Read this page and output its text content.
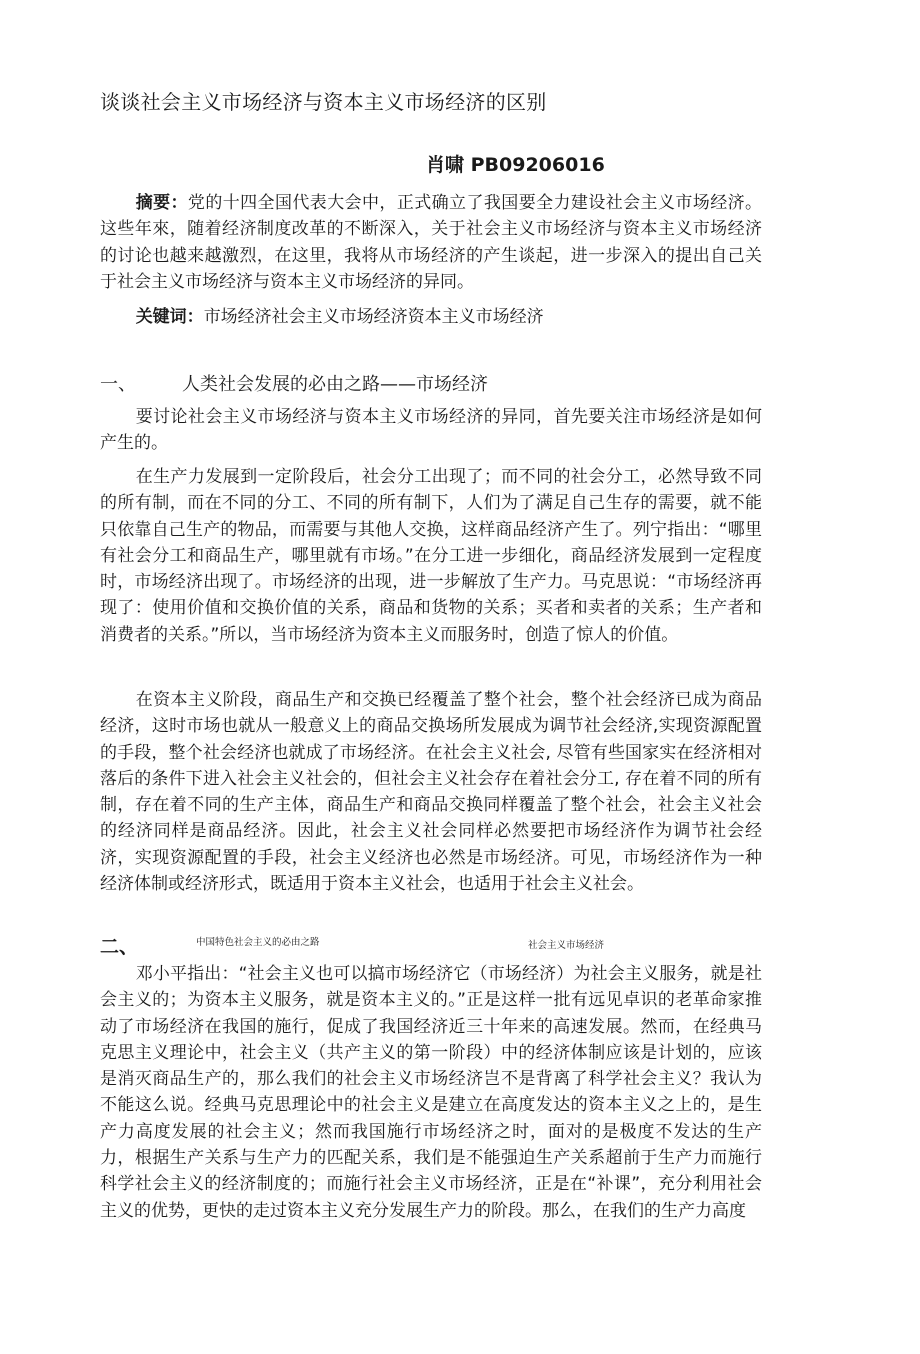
谈谈社会主义市场经济与资本主义市场经济的区别
肖啸 PB09206016

摘要：党的十四全国代表大会中，正式确立了我国要全力建设社会主义市场经济。这些年來，随着经济制度改革的不断深入，关于社会主义市场经济与资本主义市场经济的讨论也越来越激烈，在这里，我将从市场经济的产生谈起，进一步深入的提出自己关于社会主义市场经济与资本主义市场经济的异同。

关键词：市场经济社会主义市场经济资本主义市场经济

一、	人类社会发展的必由之路——市场经济

要讨论社会主义市场经济与资本主义市场经济的异同，首先要关注市场经济是如何产生的。

在生产力发展到一定阶段后，社会分工出现了；而不同的社会分工，必然导致不同的所有制，而在不同的分工、不同的所有制下，人们为了满足自己生存的需要，就不能只依靠自己生产的物品，而需要与其他人交换，这样商品经济产生了。列宁指出：“哪里有社会分工和商品生产，哪里就有市场。”在分工进一步细化，商品经济发展到一定程度时，市场经济出现了。市场经济的出现，进一步解放了生产力。马克思说：“市场经济再现了：使用价值和交换价值的关系，商品和货物的关系；买者和卖者的关系；生产者和消费者的关系。”所以，当市场经济为资本主义而服务时，创造了惊人的价值。

在资本主义阶段，商品生产和交换已经覆盖了整个社会，整个社会经济已成为商品经济，这时市场也就从一般意义上的商品交换场所发展成为调节社会经济,实现资源配置的手段，整个社会经济也就成了市场经济。在社会主义社会, 尽管有些国家实在经济相对落后的条件下进入社会主义社会的，但社会主义社会存在着社会分工, 存在着不同的所有制，存在着不同的生产主体，商品生产和商品交换同样覆盖了整个社会，社会主义社会的经济同样是商品经济。因此，社会主义社会同样必然要把市场经济作为调节社会经济，实现资源配置的手段，社会主义经济也必然是市场经济。可见，市场经济作为一种经济体制或经济形式，既适用于资本主义社会，也适用于社会主义社会。

二、	中国特色社会主义的必由之路	社会主义市场经济

邓小平指出：“社会主义也可以搞市场经济它（市场经济）为社会主义服务，就是社会主义的；为资本主义服务，就是资本主义的。”正是这样一批有远见卓识的老革命家推动了市场经济在我国的施行，促成了我国经济近三十年来的高速发展。然而，在经典马克思主义理论中，社会主义（共产主义的第一阶段）中的经济体制应该是计划的，应该是消灭商品生产的，那么我们的社会主义市场经济岂不是背离了科学社会主义？我认为不能这么说。经典马克思理论中的社会主义是建立在高度发达的资本主义之上的，是生产力高度发展的社会主义；然而我国施行市场经济之时，面对的是极度不发达的生产力，根据生产关系与生产力的匹配关系，我们是不能强迫生产关系超前于生产力而施行科学社会主义的经济制度的；而施行社会主义市场经济，正是在“补课”，充分利用社会主义的优势，更快的走过资本主义充分发展生产力的阶段。那么，在我们的生产力高度
